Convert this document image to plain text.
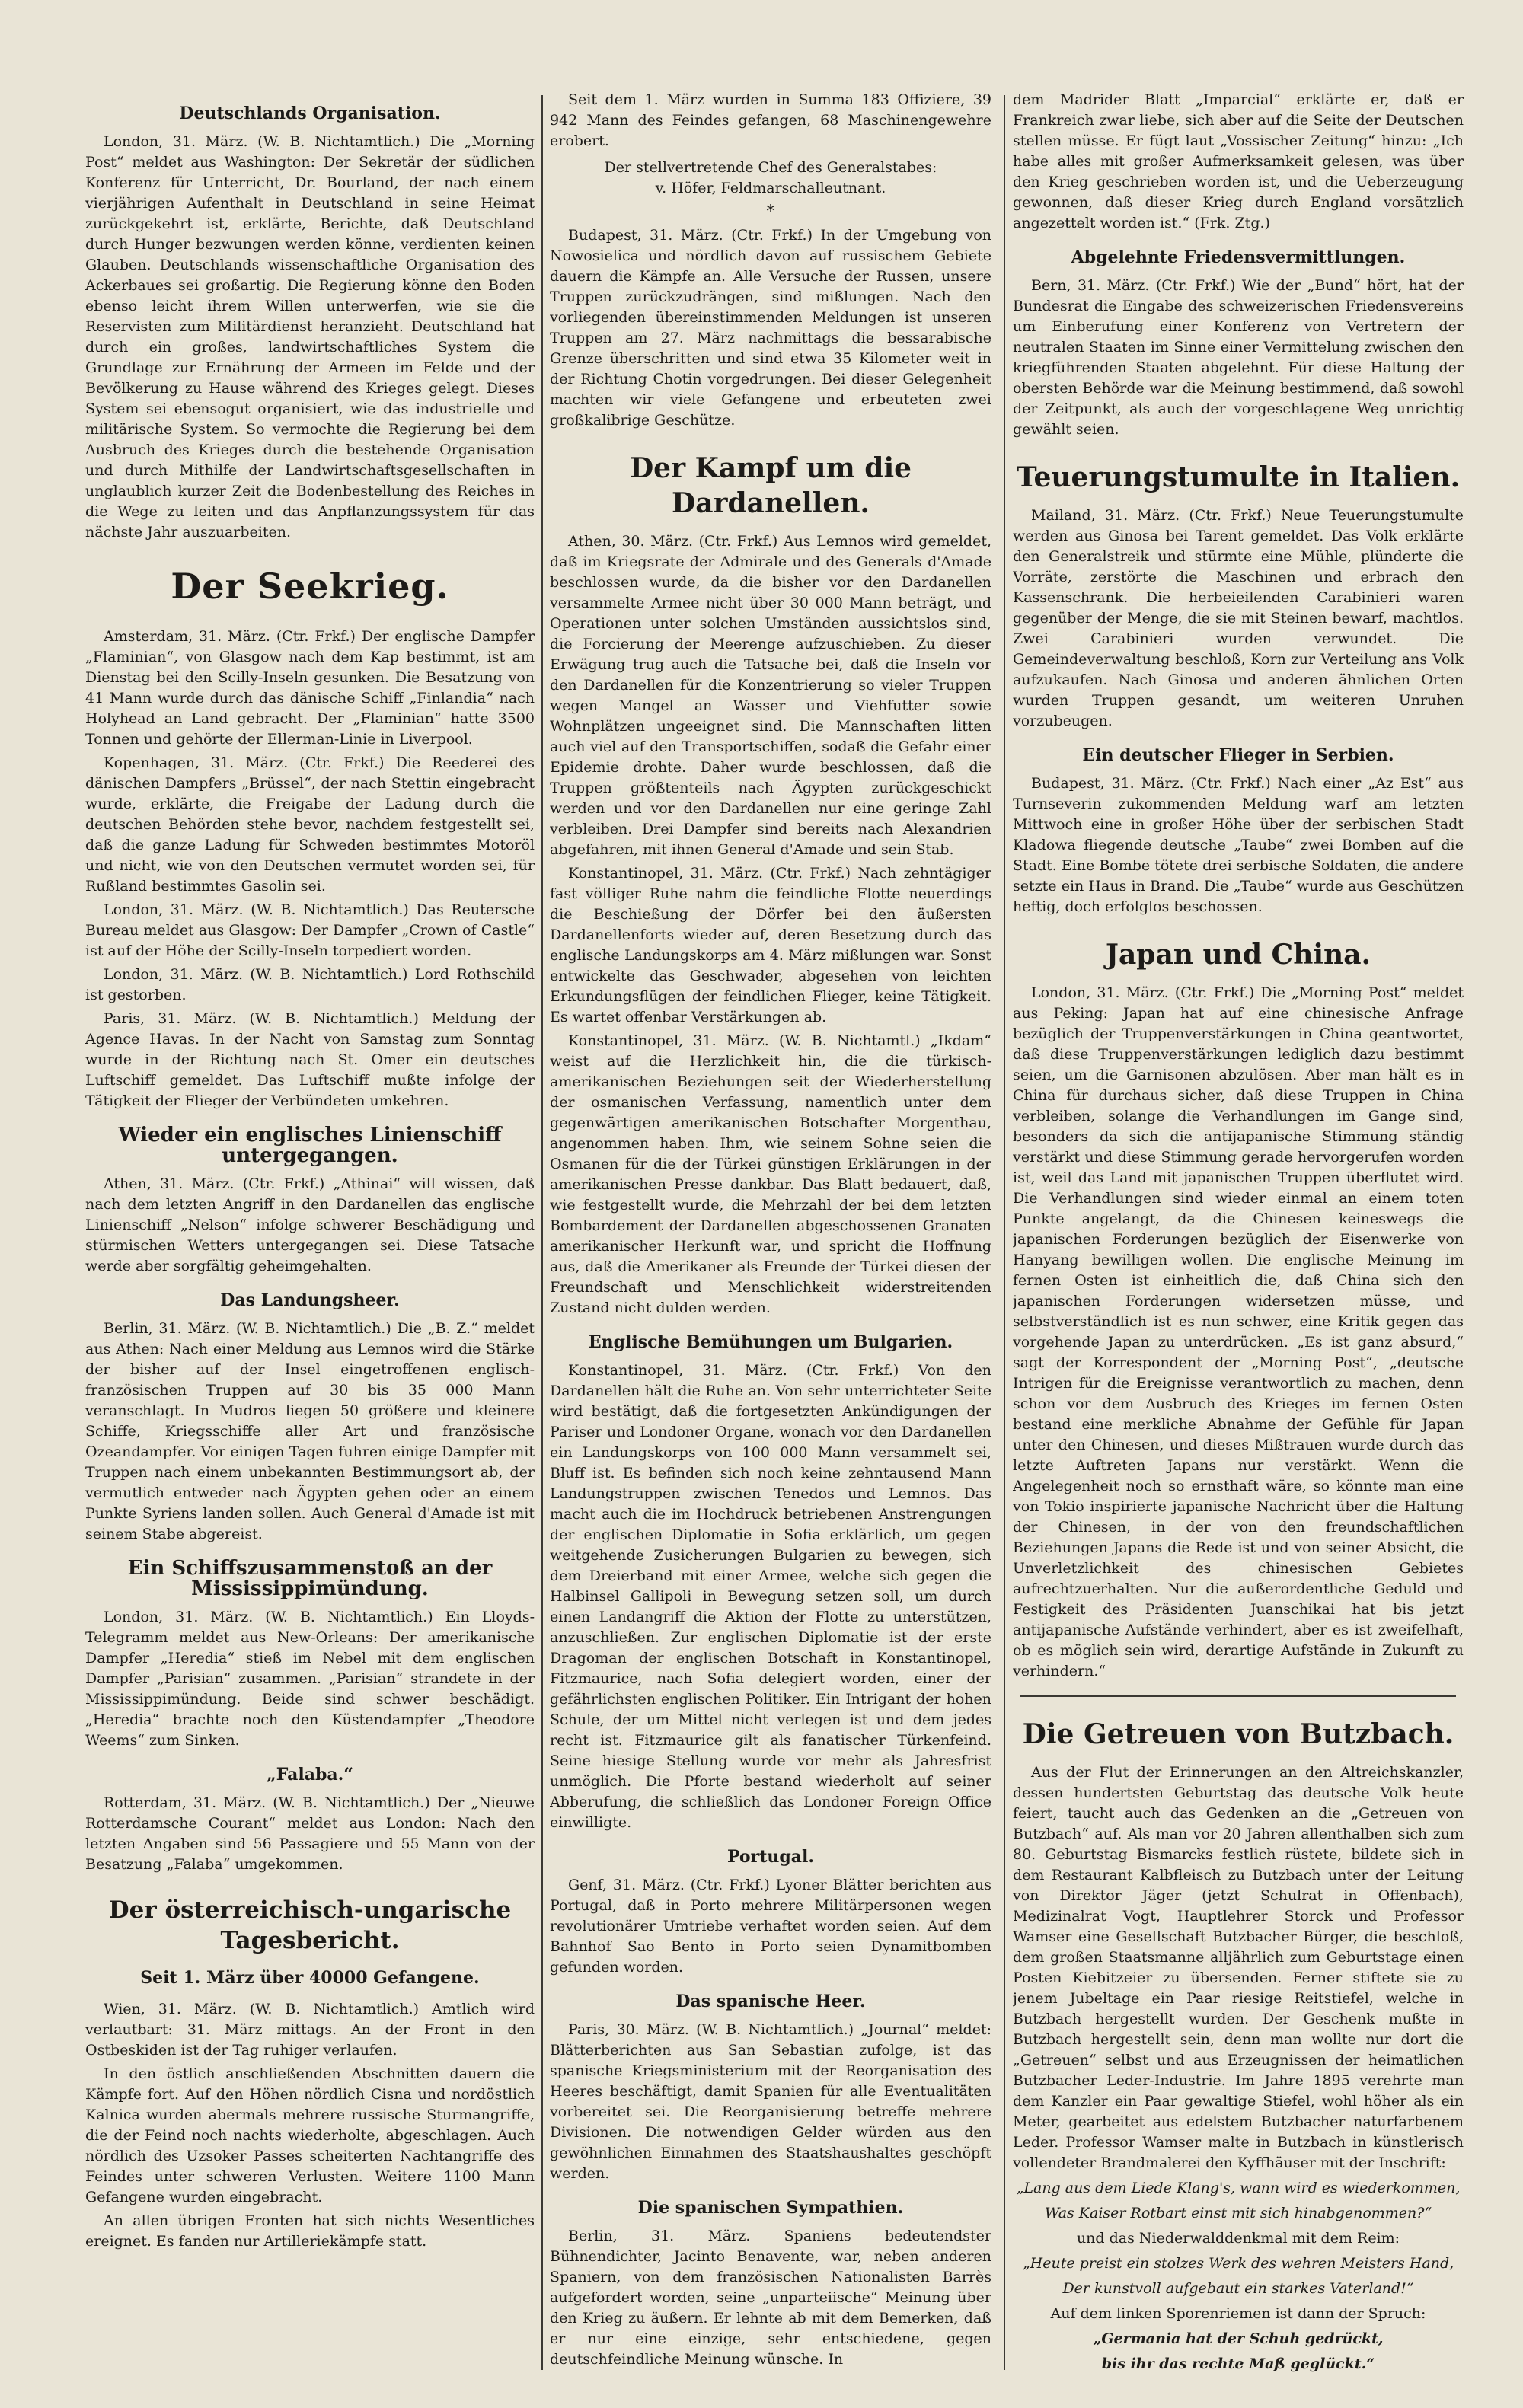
Deutschlands Organisation.

London, 31. März. (W. B. Nichtamtlich.) Die „Morning Post“ meldet aus Washington: Der Sekretär der südlichen Konferenz für Unterricht, Dr. Bourland, der nach einem vierjährigen Aufenthalt in Deutschland in seine Heimat zurückgekehrt ist, erklärte, Berichte, daß Deutschland durch Hunger bezwungen werden könne, verdienten keinen Glauben. Deutschlands wissenschaftliche Organisation des Ackerbaues sei großartig. Die Regierung könne den Boden ebenso leicht ihrem Willen unterwerfen, wie sie die Reservisten zum Militärdienst heranzieht. Deutschland hat durch ein großes, landwirtschaftliches System die Grundlage zur Ernährung der Armeen im Felde und der Bevölkerung zu Hause während des Krieges gelegt. Dieses System sei ebensogut organisiert, wie das industrielle und militärische System. So vermochte die Regierung bei dem Ausbruch des Krieges durch die bestehende Organisation und durch Mithilfe der Landwirtschaftsgesellschaften in unglaublich kurzer Zeit die Bodenbestellung des Reiches in die Wege zu leiten und das Anpflanzungssystem für das nächste Jahr auszuarbeiten.

Der Seekrieg.

Amsterdam, 31. März. (Ctr. Frkf.) Der englische Dampfer „Flaminian“, von Glasgow nach dem Kap bestimmt, ist am Dienstag bei den Scilly-Inseln gesunken. Die Besatzung von 41 Mann wurde durch das dänische Schiff „Finlandia“ nach Holyhead an Land gebracht. Der „Flaminian“ hatte 3500 Tonnen und gehörte der Ellerman-Linie in Liverpool.

Kopenhagen, 31. März. (Ctr. Frkf.) Die Reederei des dänischen Dampfers „Brüssel“, der nach Stettin eingebracht wurde, erklärte, die Freigabe der Ladung durch die deutschen Behörden stehe bevor, nachdem festgestellt sei, daß die ganze Ladung für Schweden bestimmtes Motoröl und nicht, wie von den Deutschen vermutet worden sei, für Rußland bestimmtes Gasolin sei.

London, 31. März. (W. B. Nichtamtlich.) Das Reutersche Bureau meldet aus Glasgow: Der Dampfer „Crown of Castle“ ist auf der Höhe der Scilly-Inseln torpediert worden.

London, 31. März. (W. B. Nichtamtlich.) Lord Rothschild ist gestorben.

Paris, 31. März. (W. B. Nichtamtlich.) Meldung der Agence Havas. In der Nacht von Samstag zum Sonntag wurde in der Richtung nach St. Omer ein deutsches Luftschiff gemeldet. Das Luftschiff mußte infolge der Tätigkeit der Flieger der Verbündeten umkehren.

Wieder ein englisches Linienschiff untergegangen.

Athen, 31. März. (Ctr. Frkf.) „Athinai“ will wissen, daß nach dem letzten Angriff in den Dardanellen das englische Linienschiff „Nelson“ infolge schwerer Beschädigung und stürmischen Wetters untergegangen sei. Diese Tatsache werde aber sorgfältig geheimgehalten.

Das Landungsheer.

Berlin, 31. März. (W. B. Nichtamtlich.) Die „B. Z.“ meldet aus Athen: Nach einer Meldung aus Lemnos wird die Stärke der bisher auf der Insel eingetroffenen englisch-französischen Truppen auf 30 bis 35 000 Mann veranschlagt. In Mudros liegen 50 größere und kleinere Schiffe, Kriegsschiffe aller Art und französische Ozeandampfer. Vor einigen Tagen fuhren einige Dampfer mit Truppen nach einem unbekannten Bestimmungsort ab, der vermutlich entweder nach Ägypten gehen oder an einem Punkte Syriens landen sollen. Auch General d'Amade ist mit seinem Stabe abgereist.

Ein Schiffszusammenstoß an der Mississippimündung.

London, 31. März. (W. B. Nichtamtlich.) Ein Lloyds-Telegramm meldet aus New-Orleans: Der amerikanische Dampfer „Heredia“ stieß im Nebel mit dem englischen Dampfer „Parisian“ zusammen. „Parisian“ strandete in der Mississippimündung. Beide sind schwer beschädigt. „Heredia“ brachte noch den Küstendampfer „Theodore Weems“ zum Sinken.

„Falaba.“

Rotterdam, 31. März. (W. B. Nichtamtlich.) Der „Nieuwe Rotterdamsche Courant“ meldet aus London: Nach den letzten Angaben sind 56 Passagiere und 55 Mann von der Besatzung „Falaba“ umgekommen.

Der österreichisch-ungarische Tagesbericht.
Seit 1. März über 40000 Gefangene.

Wien, 31. März. (W. B. Nichtamtlich.) Amtlich wird verlautbart: 31. März mittags. An der Front in den Ostbeskiden ist der Tag ruhiger verlaufen.

In den östlich anschließenden Abschnitten dauern die Kämpfe fort. Auf den Höhen nördlich Cisna und nordöstlich Kalnica wurden abermals mehrere russische Sturmangriffe, die der Feind noch nachts wiederholte, abgeschlagen. Auch nördlich des Uzsoker Passes scheiterten Nachtangriffe des Feindes unter schweren Verlusten. Weitere 1100 Mann Gefangene wurden eingebracht.

An allen übrigen Fronten hat sich nichts Wesentliches ereignet. Es fanden nur Artilleriekämpfe statt.

Seit dem 1. März wurden in Summa 183 Offiziere, 39 942 Mann des Feindes gefangen, 68 Maschinengewehre erobert.

Der stellvertretende Chef des Generalstabes:
v. Höfer, Feldmarschalleutnant.
*

Budapest, 31. März. (Ctr. Frkf.) In der Umgebung von Nowosielica und nördlich davon auf russischem Gebiete dauern die Kämpfe an. Alle Versuche der Russen, unsere Truppen zurückzudrängen, sind mißlungen. Nach den vorliegenden übereinstimmenden Meldungen ist unseren Truppen am 27. März nachmittags die bessarabische Grenze überschritten und sind etwa 35 Kilometer weit in der Richtung Chotin vorgedrungen. Bei dieser Gelegenheit machten wir viele Gefangene und erbeuteten zwei großkalibrige Geschütze.

Der Kampf um die Dardanellen.

Athen, 30. März. (Ctr. Frkf.) Aus Lemnos wird gemeldet, daß im Kriegsrate der Admirale und des Generals d'Amade beschlossen wurde, da die bisher vor den Dardanellen versammelte Armee nicht über 30 000 Mann beträgt, und Operationen unter solchen Umständen aussichtslos sind, die Forcierung der Meerenge aufzuschieben. Zu dieser Erwägung trug auch die Tatsache bei, daß die Inseln vor den Dardanellen für die Konzentrierung so vieler Truppen wegen Mangel an Wasser und Viehfutter sowie Wohnplätzen ungeeignet sind. Die Mannschaften litten auch viel auf den Transportschiffen, sodaß die Gefahr einer Epidemie drohte. Daher wurde beschlossen, daß die Truppen größtenteils nach Ägypten zurückgeschickt werden und vor den Dardanellen nur eine geringe Zahl verbleiben. Drei Dampfer sind bereits nach Alexandrien abgefahren, mit ihnen General d'Amade und sein Stab.

Konstantinopel, 31. März. (Ctr. Frkf.) Nach zehntägiger fast völliger Ruhe nahm die feindliche Flotte neuerdings die Beschießung der Dörfer bei den äußersten Dardanellenforts wieder auf, deren Besetzung durch das englische Landungskorps am 4. März mißlungen war. Sonst entwickelte das Geschwader, abgesehen von leichten Erkundungsflügen der feindlichen Flieger, keine Tätigkeit. Es wartet offenbar Verstärkungen ab.

Konstantinopel, 31. März. (W. B. Nichtamtl.) „Ikdam“ weist auf die Herzlichkeit hin, die die türkisch-amerikanischen Beziehungen seit der Wiederherstellung der osmanischen Verfassung, namentlich unter dem gegenwärtigen amerikanischen Botschafter Morgenthau, angenommen haben. Ihm, wie seinem Sohne seien die Osmanen für die der Türkei günstigen Erklärungen in der amerikanischen Presse dankbar. Das Blatt bedauert, daß, wie festgestellt wurde, die Mehrzahl der bei dem letzten Bombardement der Dardanellen abgeschossenen Granaten amerikanischer Herkunft war, und spricht die Hoffnung aus, daß die Amerikaner als Freunde der Türkei diesen der Freundschaft und Menschlichkeit widerstreitenden Zustand nicht dulden werden.

Englische Bemühungen um Bulgarien.

Konstantinopel, 31. März. (Ctr. Frkf.) Von den Dardanellen hält die Ruhe an. Von sehr unterrichteter Seite wird bestätigt, daß die fortgesetzten Ankündigungen der Pariser und Londoner Organe, wonach vor den Dardanellen ein Landungskorps von 100 000 Mann versammelt sei, Bluff ist. Es befinden sich noch keine zehntausend Mann Landungstruppen zwischen Tenedos und Lemnos. Das macht auch die im Hochdruck betriebenen Anstrengungen der englischen Diplomatie in Sofia erklärlich, um gegen weitgehende Zusicherungen Bulgarien zu bewegen, sich dem Dreierband mit einer Armee, welche sich gegen die Halbinsel Gallipoli in Bewegung setzen soll, um durch einen Landangriff die Aktion der Flotte zu unterstützen, anzuschließen. Zur englischen Diplomatie ist der erste Dragoman der englischen Botschaft in Konstantinopel, Fitzmaurice, nach Sofia delegiert worden, einer der gefährlichsten englischen Politiker. Ein Intrigant der hohen Schule, der um Mittel nicht verlegen ist und dem jedes recht ist. Fitzmaurice gilt als fanatischer Türkenfeind. Seine hiesige Stellung wurde vor mehr als Jahresfrist unmöglich. Die Pforte bestand wiederholt auf seiner Abberufung, die schließlich das Londoner Foreign Office einwilligte.

Portugal.

Genf, 31. März. (Ctr. Frkf.) Lyoner Blätter berichten aus Portugal, daß in Porto mehrere Militärpersonen wegen revolutionärer Umtriebe verhaftet worden seien. Auf dem Bahnhof Sao Bento in Porto seien Dynamitbomben gefunden worden.

Das spanische Heer.

Paris, 30. März. (W. B. Nichtamtlich.) „Journal“ meldet: Blätterberichten aus San Sebastian zufolge, ist das spanische Kriegsministerium mit der Reorganisation des Heeres beschäftigt, damit Spanien für alle Eventualitäten vorbereitet sei. Die Reorganisierung betreffe mehrere Divisionen. Die notwendigen Gelder würden aus den gewöhnlichen Einnahmen des Staatshaushaltes geschöpft werden.

Die spanischen Sympathien.

Berlin, 31. März. Spaniens bedeutendster Bühnendichter, Jacinto Benavente, war, neben anderen Spaniern, von dem französischen Nationalisten Barrès aufgefordert worden, seine „unparteiische“ Meinung über den Krieg zu äußern. Er lehnte ab mit dem Bemerken, daß er nur eine einzige, sehr entschiedene, gegen deutschfeindliche Meinung wünsche. In

dem Madrider Blatt „Imparcial“ erklärte er, daß er Frankreich zwar liebe, sich aber auf die Seite der Deutschen stellen müsse. Er fügt laut „Vossischer Zeitung“ hinzu: „Ich habe alles mit großer Aufmerksamkeit gelesen, was über den Krieg geschrieben worden ist, und die Ueberzeugung gewonnen, daß dieser Krieg durch England vorsätzlich angezettelt worden ist.“ (Frk. Ztg.)

Abgelehnte Friedensvermittlungen.

Bern, 31. März. (Ctr. Frkf.) Wie der „Bund“ hört, hat der Bundesrat die Eingabe des schweizerischen Friedensvereins um Einberufung einer Konferenz von Vertretern der neutralen Staaten im Sinne einer Vermittelung zwischen den kriegführenden Staaten abgelehnt. Für diese Haltung der obersten Behörde war die Meinung bestimmend, daß sowohl der Zeitpunkt, als auch der vorgeschlagene Weg unrichtig gewählt seien.

Teuerungstumulte in Italien.

Mailand, 31. März. (Ctr. Frkf.) Neue Teuerungstumulte werden aus Ginosa bei Tarent gemeldet. Das Volk erklärte den Generalstreik und stürmte eine Mühle, plünderte die Vorräte, zerstörte die Maschinen und erbrach den Kassenschrank. Die herbeieilenden Carabinieri waren gegenüber der Menge, die sie mit Steinen bewarf, machtlos. Zwei Carabinieri wurden verwundet. Die Gemeindeverwaltung beschloß, Korn zur Verteilung ans Volk aufzukaufen. Nach Ginosa und anderen ähnlichen Orten wurden Truppen gesandt, um weiteren Unruhen vorzubeugen.

Ein deutscher Flieger in Serbien.

Budapest, 31. März. (Ctr. Frkf.) Nach einer „Az Est“ aus Turnseverin zukommenden Meldung warf am letzten Mittwoch eine in großer Höhe über der serbischen Stadt Kladowa fliegende deutsche „Taube“ zwei Bomben auf die Stadt. Eine Bombe tötete drei serbische Soldaten, die andere setzte ein Haus in Brand. Die „Taube“ wurde aus Geschützen heftig, doch erfolglos beschossen.

Japan und China.

London, 31. März. (Ctr. Frkf.) Die „Morning Post“ meldet aus Peking: Japan hat auf eine chinesische Anfrage bezüglich der Truppenverstärkungen in China geantwortet, daß diese Truppenverstärkungen lediglich dazu bestimmt seien, um die Garnisonen abzulösen. Aber man hält es in China für durchaus sicher, daß diese Truppen in China verbleiben, solange die Verhandlungen im Gange sind, besonders da sich die antijapanische Stimmung ständig verstärkt und diese Stimmung gerade hervorgerufen worden ist, weil das Land mit japanischen Truppen überflutet wird. Die Verhandlungen sind wieder einmal an einem toten Punkte angelangt, da die Chinesen keineswegs die japanischen Forderungen bezüglich der Eisenwerke von Hanyang bewilligen wollen. Die englische Meinung im fernen Osten ist einheitlich die, daß China sich den japanischen Forderungen widersetzen müsse, und selbstverständlich ist es nun schwer, eine Kritik gegen das vorgehende Japan zu unterdrücken. „Es ist ganz absurd,“ sagt der Korrespondent der „Morning Post“, „deutsche Intrigen für die Ereignisse verantwortlich zu machen, denn schon vor dem Ausbruch des Krieges im fernen Osten bestand eine merkliche Abnahme der Gefühle für Japan unter den Chinesen, und dieses Mißtrauen wurde durch das letzte Auftreten Japans nur verstärkt. Wenn die Angelegenheit noch so ernsthaft wäre, so könnte man eine von Tokio inspirierte japanische Nachricht über die Haltung der Chinesen, in der von den freundschaftlichen Beziehungen Japans die Rede ist und von seiner Absicht, die Unverletzlichkeit des chinesischen Gebietes aufrechtzuerhalten. Nur die außerordentliche Geduld und Festigkeit des Präsidenten Juanschikai hat bis jetzt antijapanische Aufstände verhindert, aber es ist zweifelhaft, ob es möglich sein wird, derartige Aufstände in Zukunft zu verhindern.“

Die Getreuen von Butzbach.

Aus der Flut der Erinnerungen an den Altreichskanzler, dessen hundertsten Geburtstag das deutsche Volk heute feiert, taucht auch das Gedenken an die „Getreuen von Butzbach“ auf. Als man vor 20 Jahren allenthalben sich zum 80. Geburtstag Bismarcks festlich rüstete, bildete sich in dem Restaurant Kalbfleisch zu Butzbach unter der Leitung von Direktor Jäger (jetzt Schulrat in Offenbach), Medizinalrat Vogt, Hauptlehrer Storck und Professor Wamser eine Gesellschaft Butzbacher Bürger, die beschloß, dem großen Staatsmanne alljährlich zum Geburtstage einen Posten Kiebitzeier zu übersenden. Ferner stiftete sie zu jenem Jubeltage ein Paar riesige Reitstiefel, welche in Butzbach hergestellt wurden. Der Geschenk mußte in Butzbach hergestellt sein, denn man wollte nur dort die „Getreuen“ selbst und aus Erzeugnissen der heimatlichen Butzbacher Leder-Industrie. Im Jahre 1895 verehrte man dem Kanzler ein Paar gewaltige Stiefel, wohl höher als ein Meter, gearbeitet aus edelstem Butzbacher naturfarbenem Leder. Professor Wamser malte in Butzbach in künstlerisch vollendeter Brandmalerei den Kyffhäuser mit der Inschrift:

„Lang aus dem Liede Klang's, wann wird es wiederkommen,
Was Kaiser Rotbart einst mit sich hinabgenommen?“
und das Niederwalddenkmal mit dem Reim:
„Heute preist ein stolzes Werk des wehren Meisters Hand,
Der kunstvoll aufgebaut ein starkes Vaterland!“
Auf dem linken Sporenriemen ist dann der Spruch:
„Germania hat der Schuh gedrückt,
bis ihr das rechte Maß geglückt.“
